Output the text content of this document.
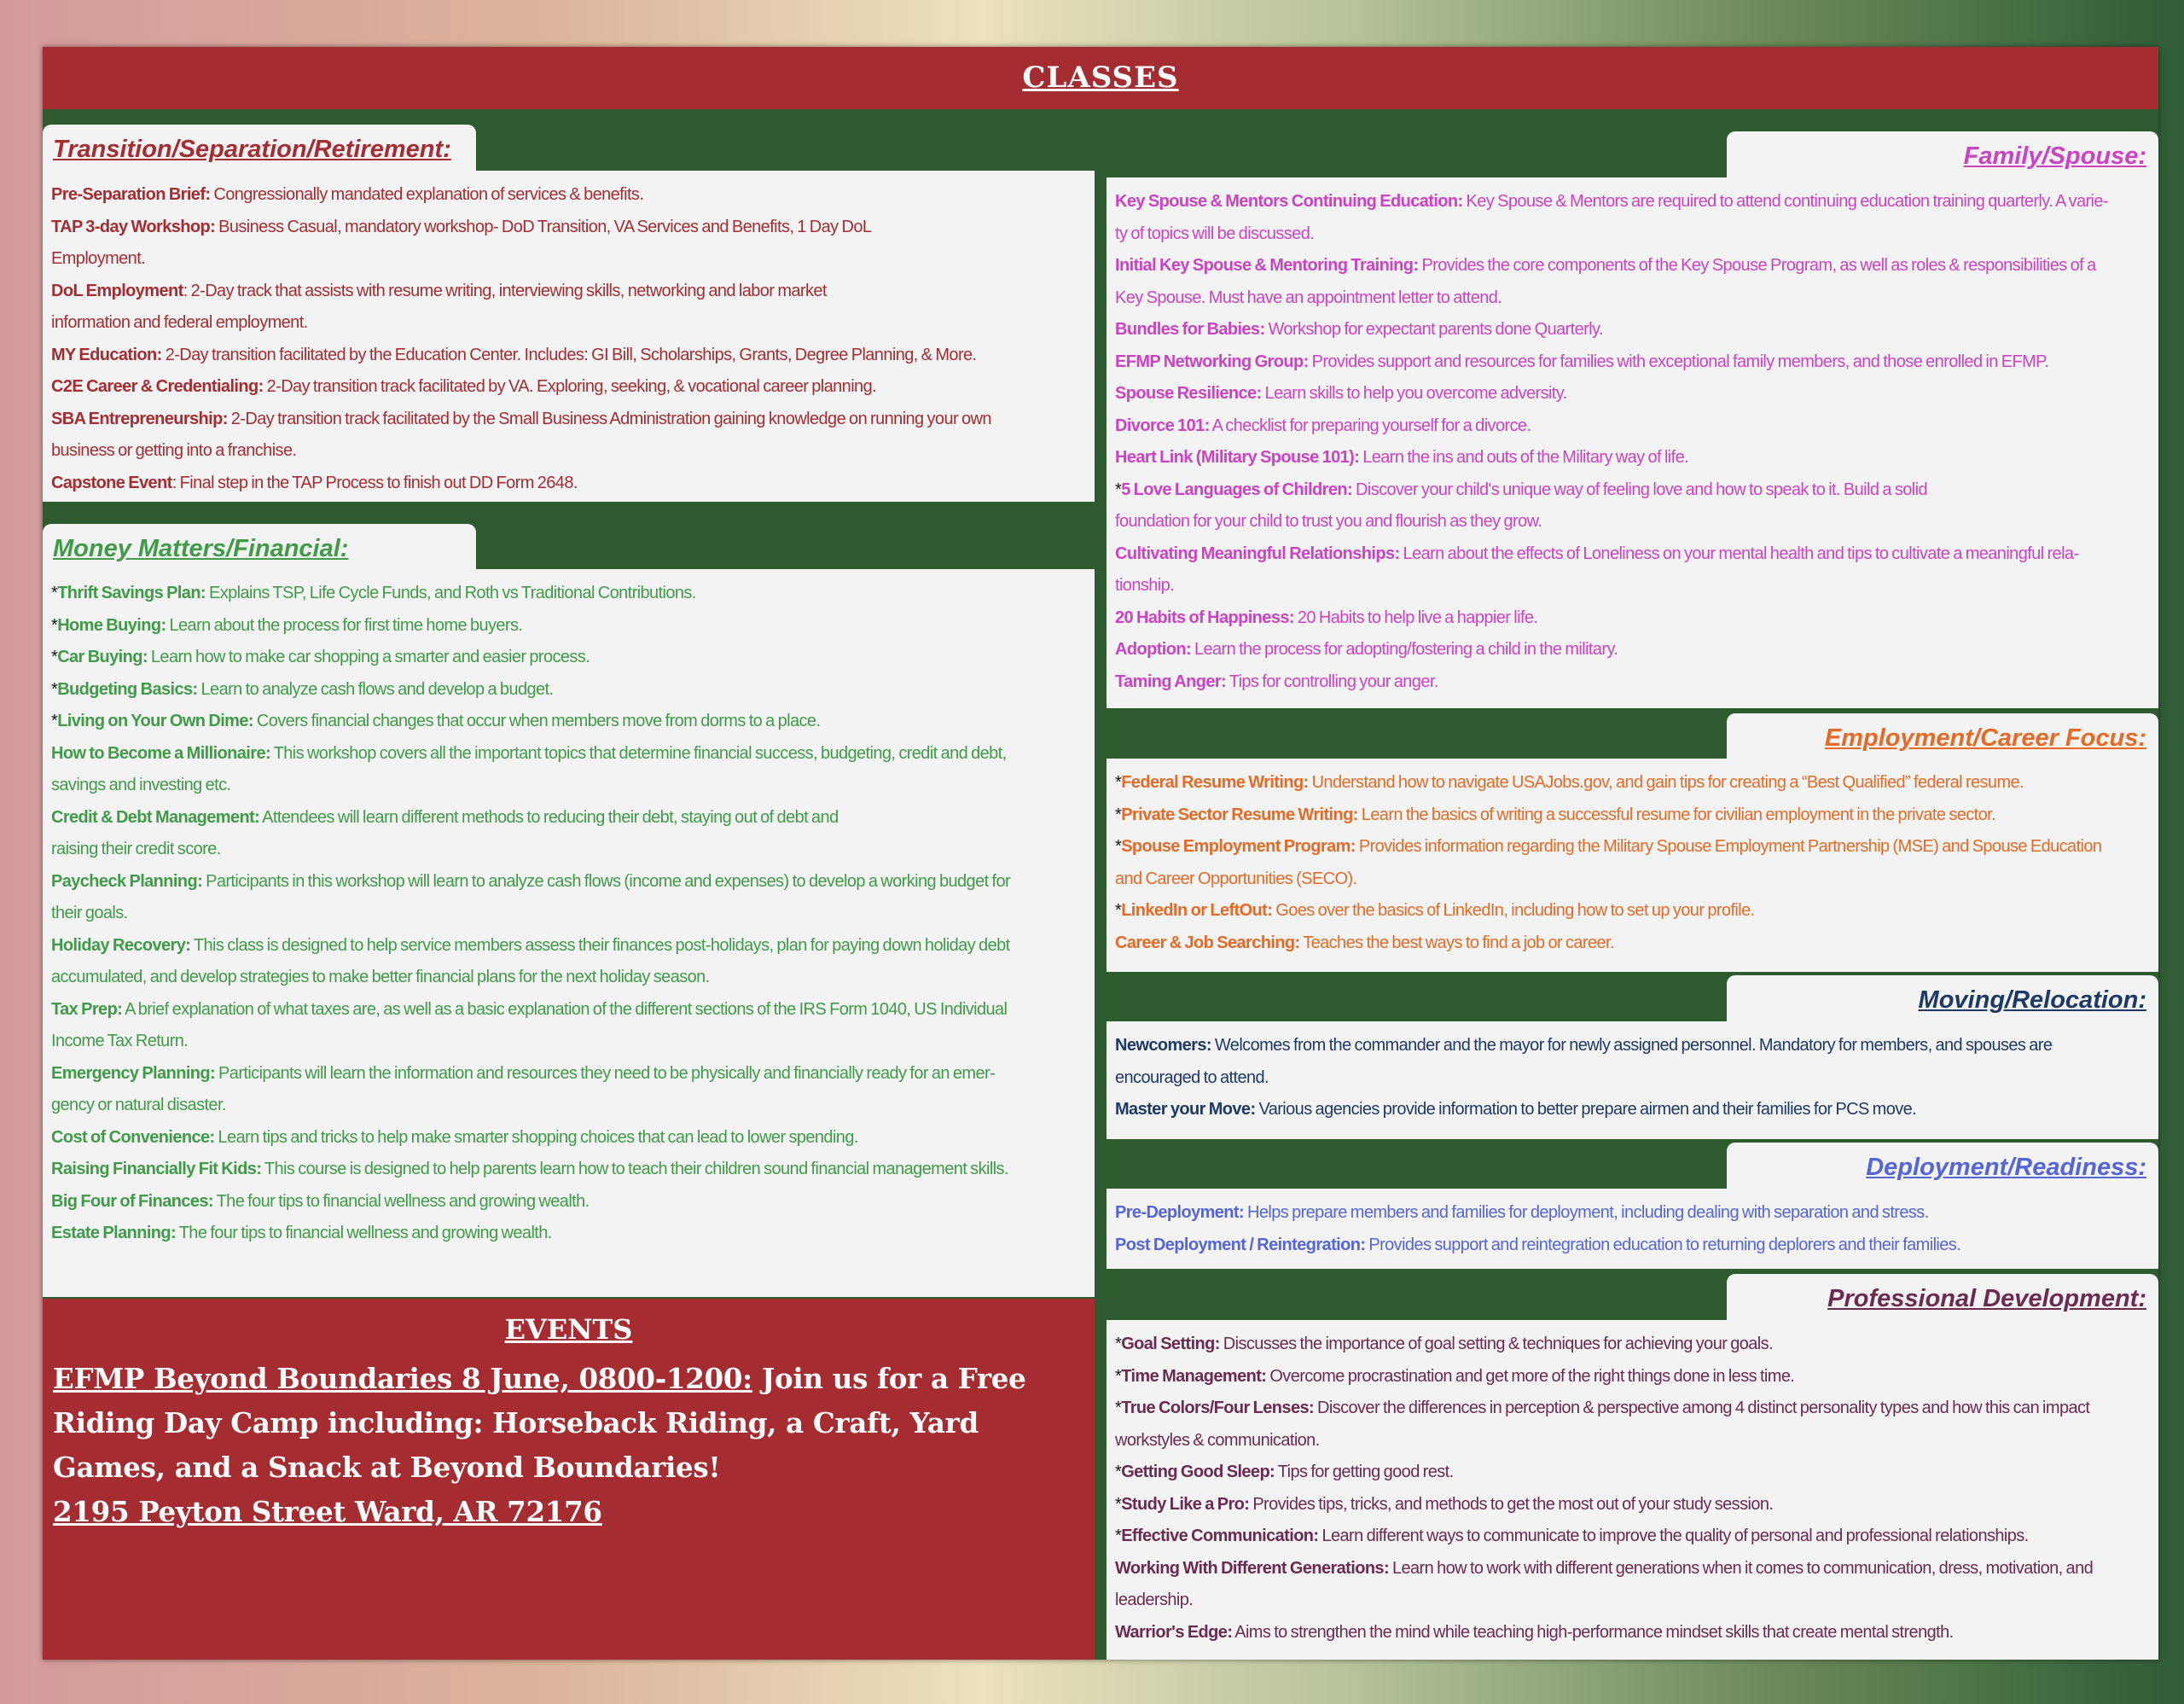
CLASSES
Transition/Separation/Retirement:

Pre-Separation Brief: Congressionally mandated explanation of services & benefits.

TAP 3-day Workshop: Business Casual, mandatory workshop- DoD Transition, VA Services and Benefits, 1 Day DoL

Employment.

DoL Employment: 2-Day track that assists with resume writing, interviewing skills, networking and labor market

information and federal employment.

MY Education: 2-Day transition facilitated by the Education Center. Includes: GI Bill, Scholarships, Grants, Degree Planning, & More.

C2E Career & Credentialing: 2-Day transition track facilitated by VA. Exploring, seeking, & vocational career planning.

SBA Entrepreneurship: 2-Day transition track facilitated by the Small Business Administration gaining knowledge on running your own

business or getting into a franchise.

Capstone Event: Final step in the TAP Process to finish out DD Form 2648.

Money Matters/Financial:

*Thrift Savings Plan: Explains TSP, Life Cycle Funds, and Roth vs Traditional Contributions.

*Home Buying: Learn about the process for first time home buyers.

*Car Buying: Learn how to make car shopping a smarter and easier process.

*Budgeting Basics: Learn to analyze cash flows and develop a budget.

*Living on Your Own Dime: Covers financial changes that occur when members move from dorms to a place.

How to Become a Millionaire: This workshop covers all the important topics that determine financial success, budgeting, credit and debt,

savings and investing etc.

Credit & Debt Management: Attendees will learn different methods to reducing their debt, staying out of debt and

raising their credit score.

Paycheck Planning: Participants in this workshop will learn to analyze cash flows (income and expenses) to develop a working budget for

their goals.

Holiday Recovery: This class is designed to help service members assess their finances post-holidays, plan for paying down holiday debt

accumulated, and develop strategies to make better financial plans for the next holiday season.

Tax Prep: A brief explanation of what taxes are, as well as a basic explanation of the different sections of the IRS Form 1040, US Individual

Income Tax Return.

Emergency Planning: Participants will learn the information and resources they need to be physically and financially ready for an emer-

gency or natural disaster.

Cost of Convenience: Learn tips and tricks to help make smarter shopping choices that can lead to lower spending.

Raising Financially Fit Kids: This course is designed to help parents learn how to teach their children sound financial management skills.

Big Four of Finances: The four tips to financial wellness and growing wealth.

Estate Planning: The four tips to financial wellness and growing wealth.

EVENTS
EFMP Beyond Boundaries 8 June, 0800-1200: Join us for a Free Riding Day Camp including: Horseback Riding, a Craft, Yard Games, and a Snack at Beyond Boundaries!
2195 Peyton Street Ward, AR 72176
Family/Spouse:

Key Spouse & Mentors Continuing Education: Key Spouse & Mentors are required to attend continuing education training quarterly. A varie-

ty of topics will be discussed.

Initial Key Spouse & Mentoring Training: Provides the core components of the Key Spouse Program, as well as roles & responsibilities of a

Key Spouse. Must have an appointment letter to attend.

Bundles for Babies: Workshop for expectant parents done Quarterly.

EFMP Networking Group: Provides support and resources for families with exceptional family members, and those enrolled in EFMP.

Spouse Resilience: Learn skills to help you overcome adversity.

Divorce 101: A checklist for preparing yourself for a divorce.

Heart Link (Military Spouse 101): Learn the ins and outs of the Military way of life.

*5 Love Languages of Children: Discover your child's unique way of feeling love and how to speak to it. Build a solid

foundation for your child to trust you and flourish as they grow.

Cultivating Meaningful Relationships: Learn about the effects of Loneliness on your mental health and tips to cultivate a meaningful rela-

tionship.

20 Habits of Happiness: 20 Habits to help live a happier life.

Adoption: Learn the process for adopting/fostering a child in the military.

Taming Anger: Tips for controlling your anger.

Employment/Career Focus:

*Federal Resume Writing: Understand how to navigate USAJobs.gov, and gain tips for creating a “Best Qualified” federal resume.

*Private Sector Resume Writing: Learn the basics of writing a successful resume for civilian employment in the private sector.

*Spouse Employment Program: Provides information regarding the Military Spouse Employment Partnership (MSE) and Spouse Education

and Career Opportunities (SECO).

*LinkedIn or LeftOut: Goes over the basics of LinkedIn, including how to set up your profile.

Career & Job Searching: Teaches the best ways to find a job or career.

Moving/Relocation:

Newcomers: Welcomes from the commander and the mayor for newly assigned personnel. Mandatory for members, and spouses are

encouraged to attend.

Master your Move: Various agencies provide information to better prepare airmen and their families for PCS move.

Deployment/Readiness:

Pre-Deployment: Helps prepare members and families for deployment, including dealing with separation and stress.

Post Deployment / Reintegration: Provides support and reintegration education to returning deplorers and their families.

Professional Development:

*Goal Setting: Discusses the importance of goal setting & techniques for achieving your goals.

*Time Management: Overcome procrastination and get more of the right things done in less time.

*True Colors/Four Lenses: Discover the differences in perception & perspective among 4 distinct personality types and how this can impact

workstyles & communication.

*Getting Good Sleep: Tips for getting good rest.

*Study Like a Pro: Provides tips, tricks, and methods to get the most out of your study session.

*Effective Communication: Learn different ways to communicate to improve the quality of personal and professional relationships.

Working With Different Generations: Learn how to work with different generations when it comes to communication, dress, motivation, and

leadership.

Warrior's Edge: Aims to strengthen the mind while teaching high-performance mindset skills that create mental strength.
